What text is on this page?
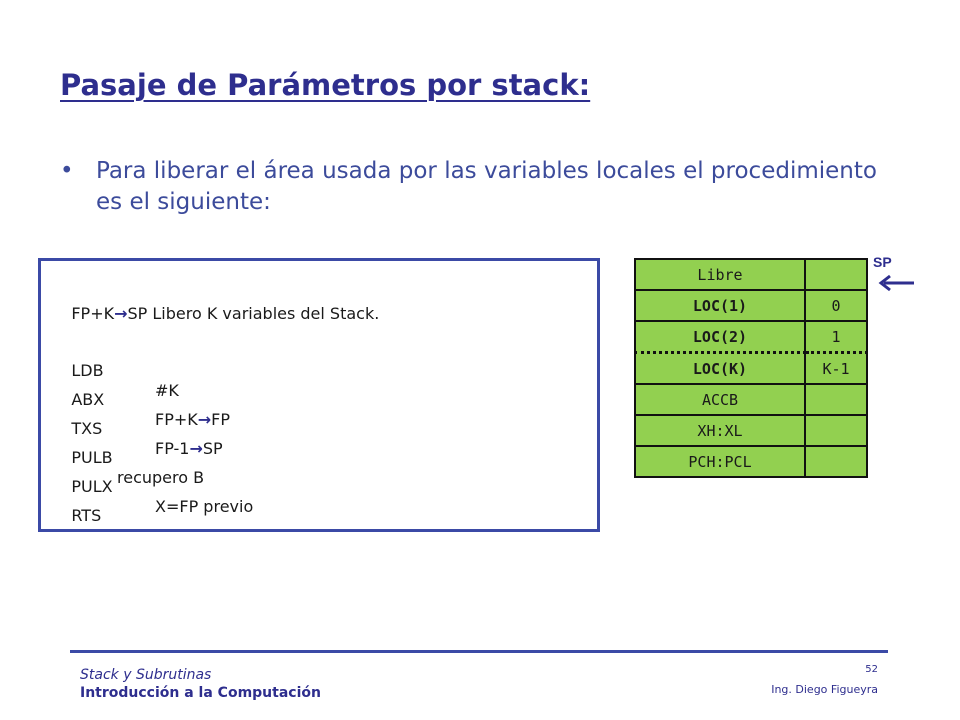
Pasaje de Parámetros por stack:
• Para liberar el área usada por las variables locales el procedimiento es el siguiente:

FP+K→SP Libero K variables del Stack.

LDB

#K

ABX

FP+K→FP

TXS

FP-1→SP

PULB

recupero B

PULX

X=FP previo

RTS

Libre	
LOC(1)	0
LOC(2)	1
LOC(K)	K-1
ACCB	
XH:XL	
PCH:PCL	
SP
Stack y Subrutinas
Introducción a la Computación
52
Ing. Diego Figueyra
